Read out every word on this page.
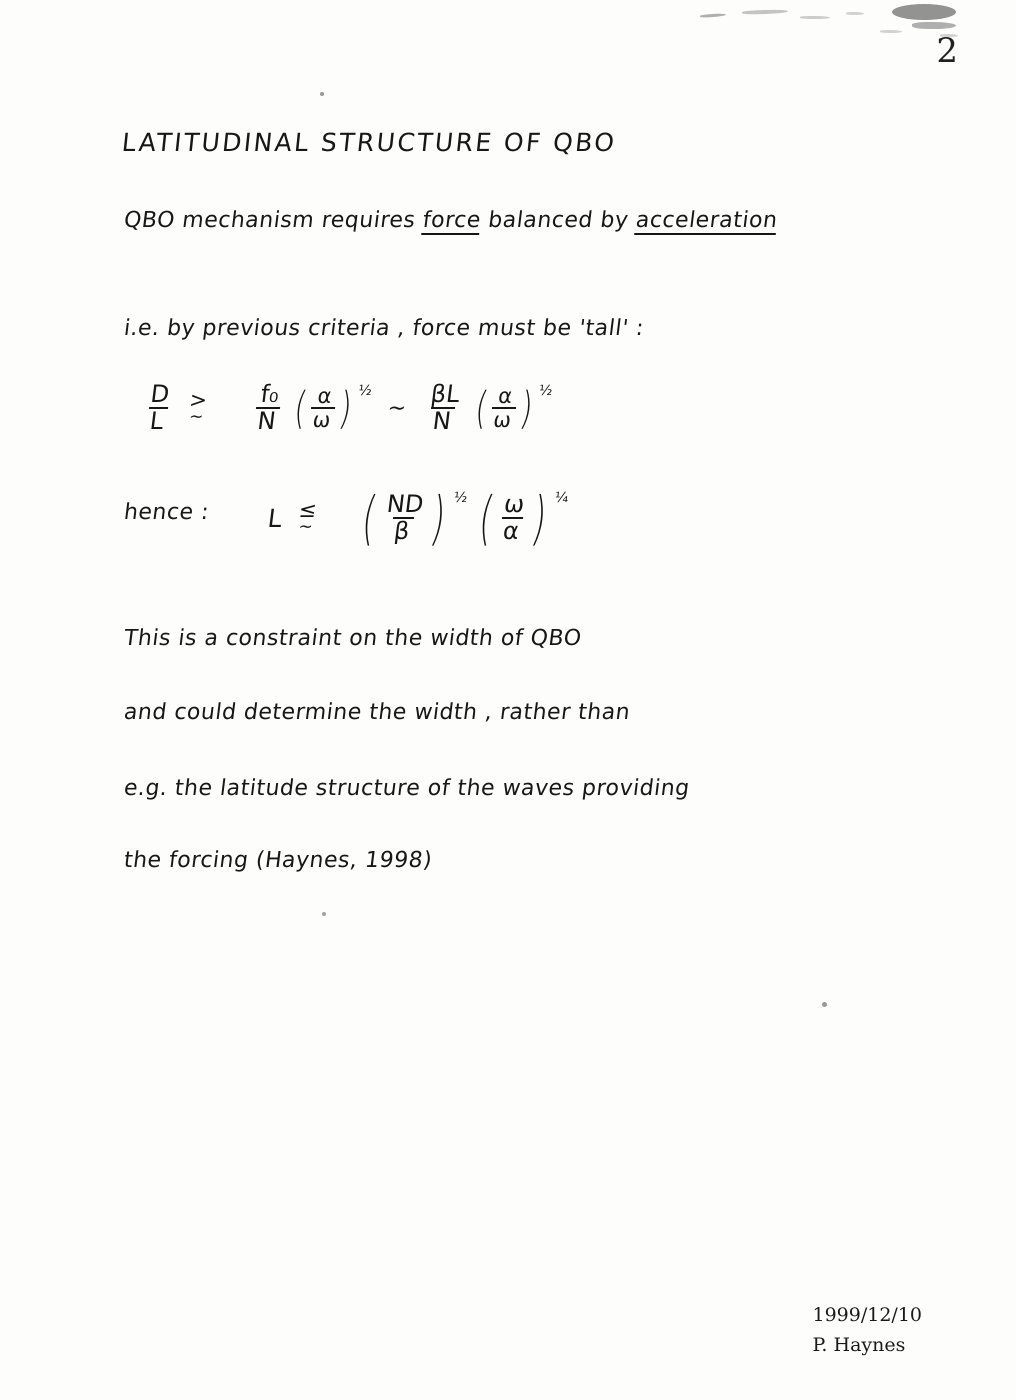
2
LATITUDINAL STRUCTURE OF QBO
QBO mechanism requires force balanced by acceleration
i.e. by previous criteria , force must be 'tall' :
$\frac{D}{L}$ >
~ $\frac{\text{f₀}}{N}$ (
$\frac{\alpha}{\omega}$
) ½
~ $\frac{\beta L}{N}$ (
$\frac{\alpha}{\omega}$
) ½
hence : L ≤
~ ( $\frac{ND}{\beta}$ ) ½ ( $\frac{\omega}{\alpha}$ ) ¼
This is a constraint on the width of QBO
and could determine the width , rather than
e.g. the latitude structure of the waves providing
the forcing (Haynes, 1998)
1999/12/10
P. Haynes
